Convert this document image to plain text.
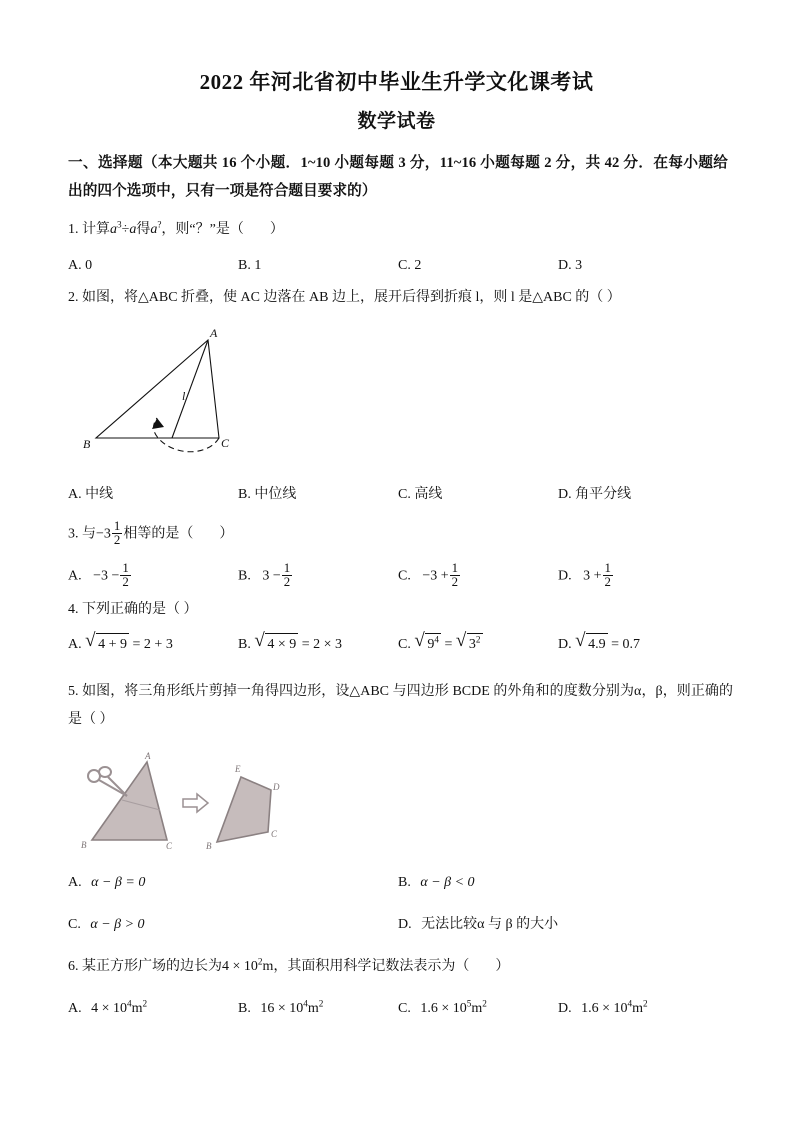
2022 年河北省初中毕业生升学文化课考试
数学试卷
一、选择题（本大题共 16 个小题．1~10 小题每题 3 分，11~16 小题每题 2 分，共 42 分．在每小题给出的四个选项中，只有一项是符合题目要求的）
1. 计算$a^3\div a$得a?，则“？”是（ ）
A. 0	B. 1	C. 2	D. 3
2. 如图，将△ABC 折叠，使 AC 边落在 AB 边上，展开后得到折痕 l，则 l 是△ABC 的（ ）
A
B	C
l
A. 中线	B. 中位线	C. 高线	D. 角平分线
3. 与$-3 \frac{1}{2}$ 相等的是（ ）
A. $-3 - \frac{1}{2}$	B. $3 - \frac{1}{2}$	C. $-3 + \frac{1}{2}$	D. $3 + \frac{1}{2}$
4. 下列正确的是（ ）
A. √ 4 + 9 = 2 + 3	B. √ 4 × 9 = 2 × 3	C. √ $9^4$ = √ $3^2$	D. √ 4.9 = 0.7
5. 如图，将三角形纸片剪掉一角得四边形，设△ABC 与四边形 BCDE 的外角和的度数分别为α，β，则正确的是（ ）
A
B	C
E
D
C
B
A. α − β = 0	B. α − β < 0
C. α − β > 0	D. 无法比较α 与 β 的大小
6. 某正方形广场的边长为$4 \times 10^2m$，其面积用科学记数法表示为（ ）
A. $4 \times 10^4m^2$	B. $16 \times 10^4m^2$	C. $1.6 \times 10^5m^2$	D. $1.6 \times 10^4m^2$
